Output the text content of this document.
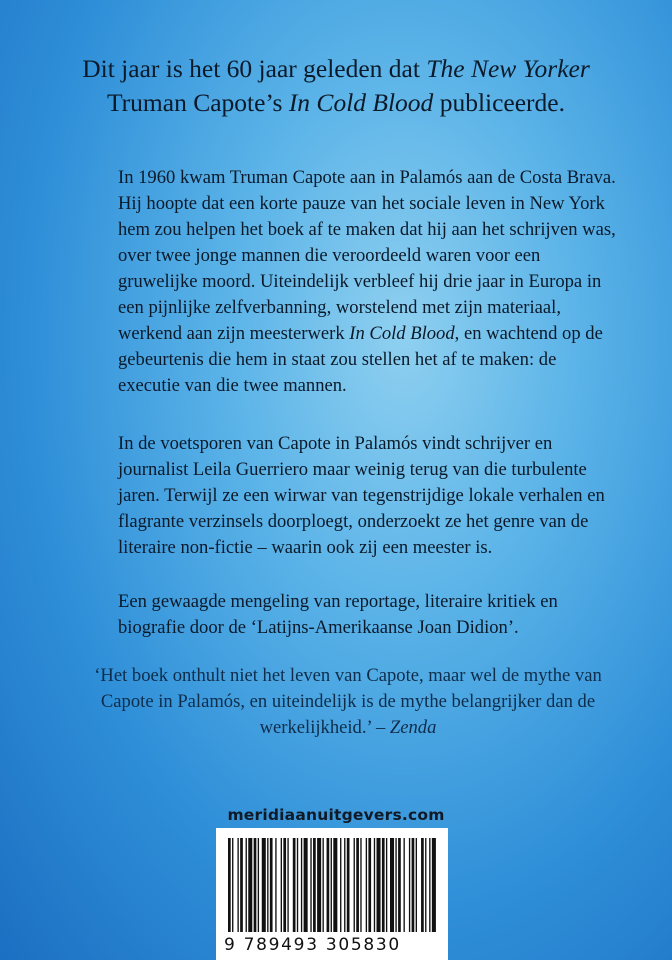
Dit jaar is het 60 jaar geleden dat The New Yorker
Truman Capote’s In Cold Blood publiceerde.

In 1960 kwam Truman Capote aan in Palamós aan de Costa Brava. Hij hoopte dat een korte pauze van het sociale leven in New York hem zou helpen het boek af te maken dat hij aan het schrijven was, over twee jonge mannen die veroordeeld waren voor een gruwelijke moord. Uiteindelijk verbleef hij drie jaar in Europa in een pijnlijke zelfverbanning, worstelend met zijn materiaal, werkend aan zijn meesterwerk In Cold Blood, en wachtend op de gebeurtenis die hem in staat zou stellen het af te maken: de executie van die twee mannen.

In de voetsporen van Capote in Palamós vindt schrijver en journalist Leila Guerriero maar weinig terug van die turbulente jaren. Terwijl ze een wirwar van tegenstrijdige lokale verhalen en flagrante verzinsels doorploegt, onderzoekt ze het genre van de literaire non-fictie – waarin ook zij een meester is.

Een gewaagde mengeling van reportage, literaire kritiek en biografie door de ‘Latijns-Amerikaanse Joan Didion’.

‘Het boek onthult niet het leven van Capote, maar wel de mythe van Capote in Palamós, en uiteindelijk is de mythe belangrijker dan de werkelijkheid.’ – Zenda
meridiaanuitgevers.com
9 789493 305830
